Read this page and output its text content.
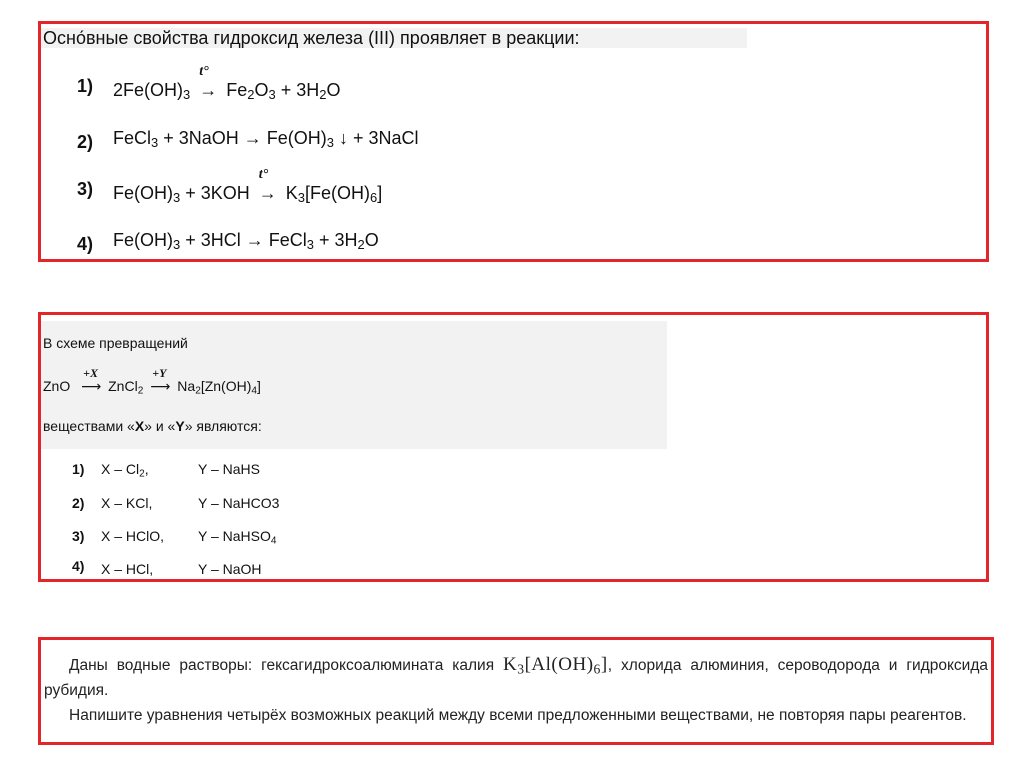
Осно́вные свойства гидроксид железа (III) проявляет в реакции:
1) $2Fe(OH)_3$
t°
→ $Fe_2O_3 + 3H_2O$
2) FeCl$_3$ + 3NaOH → $Fe(OH)_3$ ↓ + 3NaCl
3) $Fe(OH)_3 + 3KOH$
t°
→ $K_3[Fe(OH)_6]$
4) $Fe(OH)_3 + 3HCl$ → FeCl$_3$ + $3H_2O$
В схеме превращений
ZnO
+X
⟶ ZnCl$_2$
+Y
⟶ $Na_2[Zn(OH)_4]$
веществами «X» и «Y» являются:
1) X – $Cl_2$,	Y – NaHS
2) X – KCl,	Y – NaHCO3
3) X – HClO, Y – NaHSO$_4$
4) X – HCl,	Y – NaOH
Даны водные растворы: гексагидроксоалюмината калия $K_3[Al(OH)_6]$, хлорида алюминия, сероводорода и гидроксида рубидия.
Напишите уравнения четырёх возможных реакций между всеми предложенными веществами, не повторяя пары реагентов.
